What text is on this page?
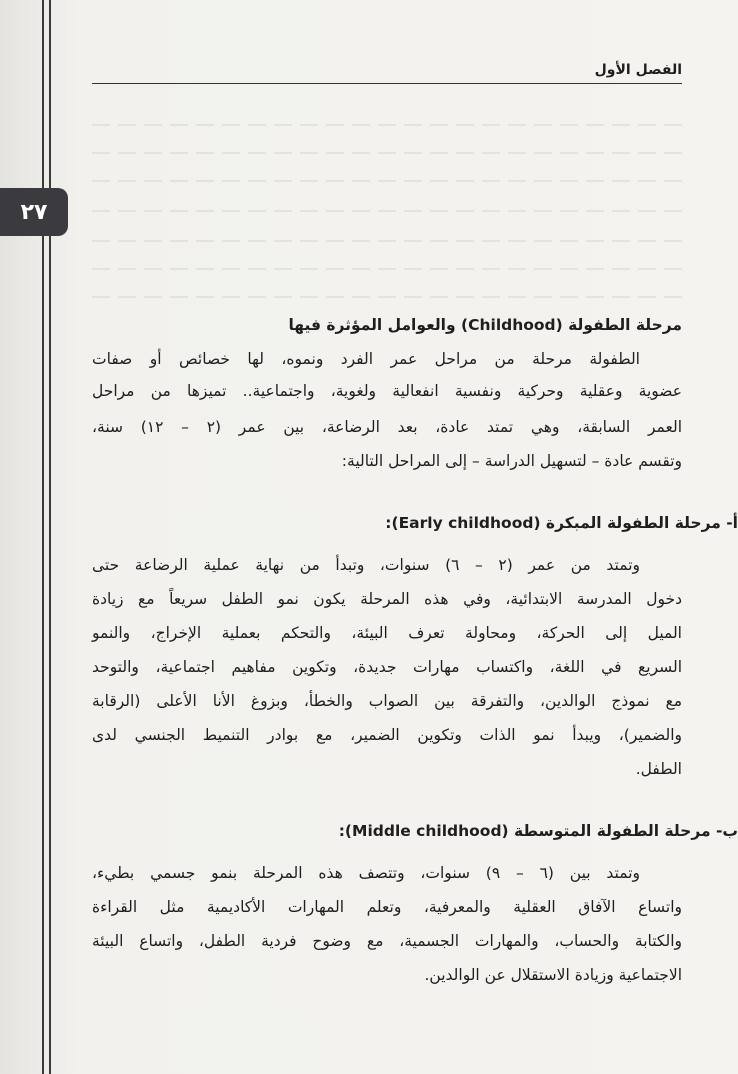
الفصل الأول
٢٧
مرحلة الطفولة (Childhood) والعوامل المؤثرة فيها
الطفولة مرحلة من مراحل عمر الفرد ونموه، لها خصائص أو صفات
عضوية وعقلية وحركية ونفسية انفعالية ولغوية، واجتماعية.. تميزها من مراحل
العمر السابقة، وهي تمتد عادة، بعد الرضاعة، بين عمر (٢ – ١٢) سنة،
وتقسم عادة – لتسهيل الدراسة – إلى المراحل التالية:
أ- مرحلة الطفولة المبكرة (Early childhood):
وتمتد من عمر (٢ – ٦) سنوات، وتبدأ من نهاية عملية الرضاعة حتى
دخول المدرسة الابتدائية، وفي هذه المرحلة يكون نمو الطفل سريعاً مع زيادة
الميل إلى الحركة، ومحاولة تعرف البيئة، والتحكم بعملية الإخراج، والنمو
السريع في اللغة، واكتساب مهارات جديدة، وتكوين مفاهيم اجتماعية، والتوحد
مع نموذج الوالدين، والتفرقة بين الصواب والخطأ، وبزوغ الأنا الأعلى (الرقابة
والضمير)، ويبدأ نمو الذات وتكوين الضمير، مع بوادر التنميط الجنسي لدى
الطفل.
ب- مرحلة الطفولة المتوسطة (Middle childhood):
وتمتد بين (٦ – ٩) سنوات، وتتصف هذه المرحلة بنمو جسمي بطيء،
واتساع الآفاق العقلية والمعرفية، وتعلم المهارات الأكاديمية مثل القراءة
والكتابة والحساب، والمهارات الجسمية، مع وضوح فردية الطفل، واتساع البيئة
الاجتماعية وزيادة الاستقلال عن الوالدين.
